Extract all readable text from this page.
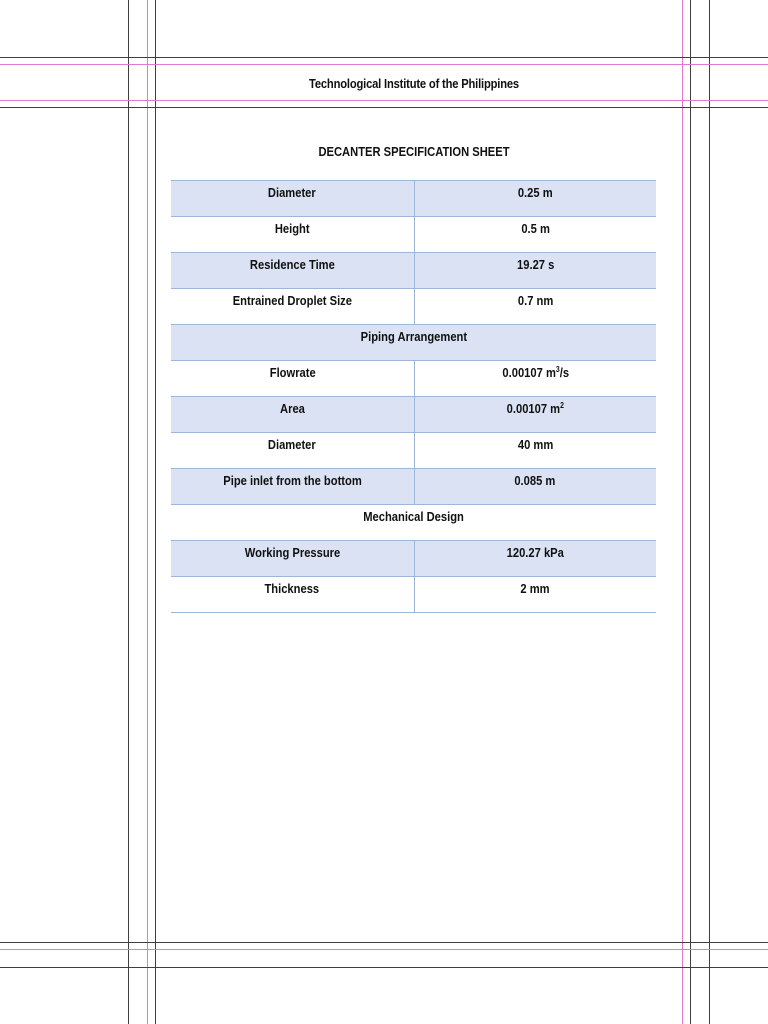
Technological Institute of the Philippines
DECANTER SPECIFICATION SHEET
Diameter	0.25 m
Height	0.5 m
Residence Time	19.27 s
Entrained Droplet Size	0.7 nm
Piping Arrangement	
Flowrate	0.00107 $m^3/s$
Area	0.00107 $m^2$
Diameter	40 mm
Pipe inlet from the bottom	0.085 m
Mechanical Design	
Working Pressure	120.27 kPa
Thickness	2 mm
